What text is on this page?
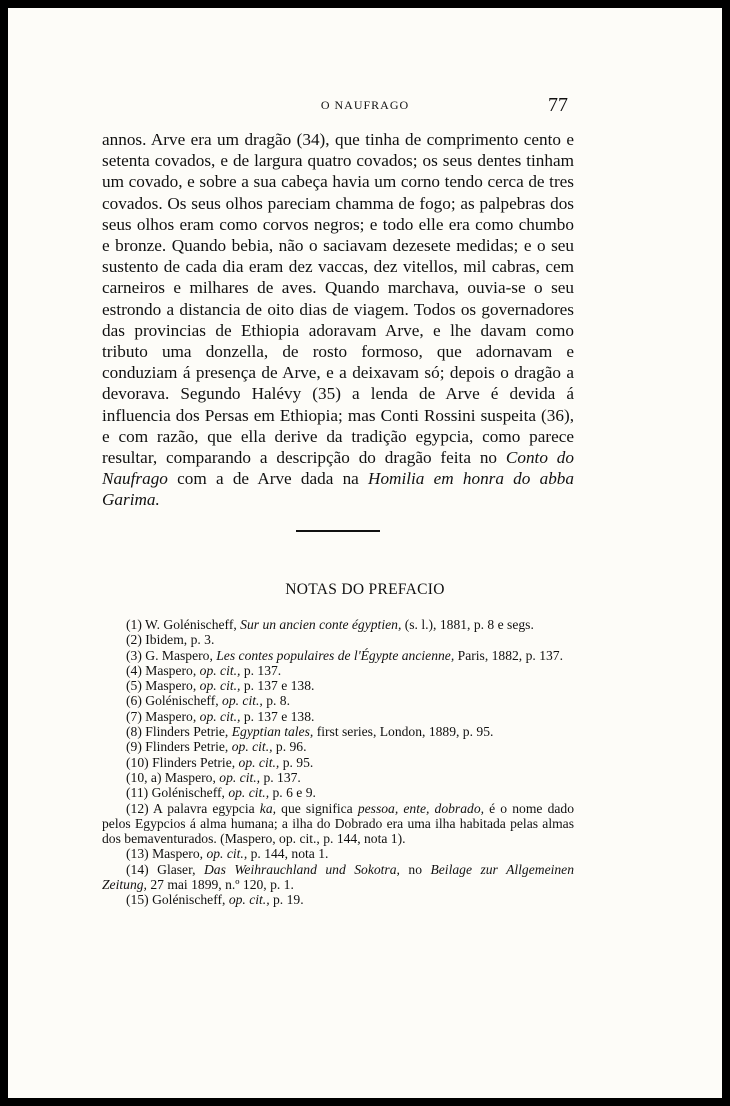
O NAUFRAGO	77

annos. Arve era um dragão (34), que tinha de comprimento cento e setenta covados, e de largura quatro covados; os seus dentes tinham um covado, e sobre a sua cabeça havia um corno tendo cerca de tres covados. Os seus olhos pareciam chamma de fogo; as palpebras dos seus olhos eram como corvos negros; e todo elle era como chumbo e bronze. Quando bebia, não o saciavam dezesete medidas; e o seu sustento de cada dia eram dez vaccas, dez vitellos, mil cabras, cem carneiros e milhares de aves. Quando marchava, ouvia-se o seu estrondo a distancia de oito dias de viagem. Todos os governadores das provincias de Ethiopia adoravam Arve, e lhe davam como tributo uma donzella, de rosto formoso, que adornavam e conduziam á presença de Arve, e a deixavam só; depois o dragão a devorava. Segundo Halévy (35) a lenda de Arve é devida á influencia dos Persas em Ethiopia; mas Conti Rossini suspeita (36), e com razão, que ella derive da tradição egypcia, como parece resultar, comparando a descripção do dragão feita no Conto do Naufrago com a de Arve dada na Homilia em honra do abba Garima.

NOTAS DO PREFACIO

(1) W. Golénischeff, Sur un ancien conte égyptien, (s. l.), 1881, p. 8 e segs.

(2) Ibidem, p. 3.

(3) G. Maspero, Les contes populaires de l'Égypte ancienne, Paris, 1882, p. 137.

(4) Maspero, op. cit., p. 137.

(5) Maspero, op. cit., p. 137 e 138.

(6) Golénischeff, op. cit., p. 8.

(7) Maspero, op. cit., p. 137 e 138.

(8) Flinders Petrie, Egyptian tales, first series, London, 1889, p. 95.

(9) Flinders Petrie, op. cit., p. 96.

(10) Flinders Petrie, op. cit., p. 95.

(10, a) Maspero, op. cit., p. 137.

(11) Golénischeff, op. cit., p. 6 e 9.

(12) A palavra egypcia ka, que significa pessoa, ente, dobrado, é o nome dado pelos Egypcios á alma humana; a ilha do Dobrado era uma ilha habitada pelas almas dos bemaventurados. (Maspero, op. cit., p. 144, nota 1).

(13) Maspero, op. cit., p. 144, nota 1.

(14) Glaser, Das Weihrauchland und Sokotra, no Beilage zur Allgemeinen Zeitung, 27 mai 1899, n.º 120, p. 1.

(15) Golénischeff, op. cit., p. 19.
